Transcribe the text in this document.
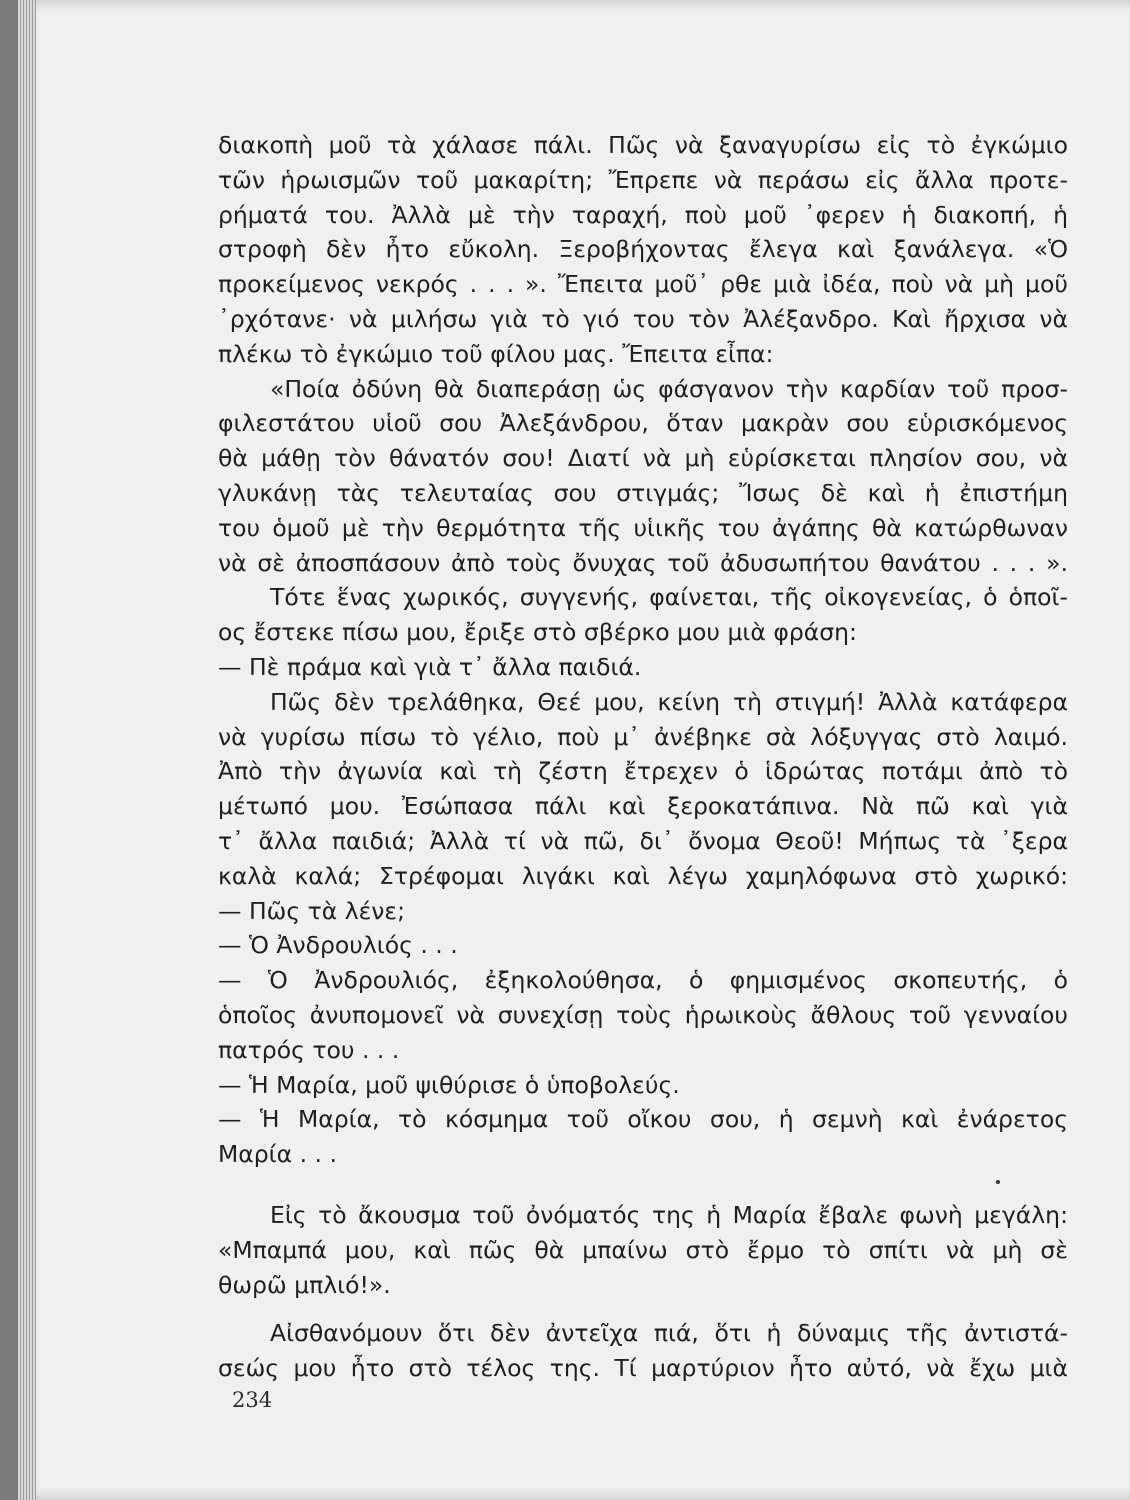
διακοπὴ μοῦ τὰ χάλασε πάλι. Πῶς νὰ ξαναγυρίσω εἰς τὸ ἐγκώμιο
τῶν ἡρωισμῶν τοῦ μακαρίτη; Ἔπρεπε νὰ περάσω εἰς ἄλλα προτε-
ρήματά του. Ἀλλὰ μὲ τὴν ταραχή, ποὺ μοῦ ᾽φερεν ἡ διακοπή, ἡ
στροφὴ δὲν ἦτο εὔκολη. Ξεροβήχοντας ἔλεγα καὶ ξανάλεγα. «Ὁ
προκείμενος νεκρός . . . ». Ἔπειτα μοῦ᾽ ρθε μιὰ ἰδέα, ποὺ νὰ μὴ μοῦ
᾽ρχότανε· νὰ μιλήσω γιὰ τὸ γιό του τὸν Ἀλέξανδρο. Καὶ ἤρχισα νὰ
πλέκω τὸ ἐγκώμιο τοῦ φίλου μας. Ἔπειτα εἶπα:
«Ποία ὀδύνη θὰ διαπεράσῃ ὡς φάσγανον τὴν καρδίαν τοῦ προσ-
φιλεστάτου υἱοῦ σου Ἀλεξάνδρου, ὅταν μακρὰν σου εὑρισκόμενος
θὰ μάθῃ τὸν θάνατόν σου! Διατί νὰ μὴ εὑρίσκεται πλησίον σου, νὰ
γλυκάνῃ τὰς τελευταίας σου στιγμάς; Ἴσως δὲ καὶ ἡ ἐπιστήμη
του ὁμοῦ μὲ τὴν θερμότητα τῆς υἱικῆς του ἀγάπης θὰ κατώρθωναν
νὰ σὲ ἀποσπάσουν ἀπὸ τοὺς ὄνυχας τοῦ ἀδυσωπήτου θανάτου . . . ».
Τότε ἕνας χωρικός, συγγενής, φαίνεται, τῆς οἰκογενείας, ὁ ὁποῖ-
ος ἔστεκε πίσω μου, ἔριξε στὸ σβέρκο μου μιὰ φράση:
— Πὲ πράμα καὶ γιὰ τ᾽ ἄλλα παιδιά.
Πῶς δὲν τρελάθηκα, Θεέ μου, κείνη τὴ στιγμή! Ἀλλὰ κατάφερα
νὰ γυρίσω πίσω τὸ γέλιο, ποὺ μ᾽ ἀνέβηκε σὰ λόξυγγας στὸ λαιμό.
Ἀπὸ τὴν ἀγωνία καὶ τὴ ζέστη ἔτρεχεν ὁ ἱδρώτας ποτάμι ἀπὸ τὸ
μέτωπό μου. Ἐσώπασα πάλι καὶ ξεροκατάπινα. Νὰ πῶ καὶ γιὰ
τ᾽ ἄλλα παιδιά; Ἀλλὰ τί νὰ πῶ, δι᾽ ὄνομα Θεοῦ! Μήπως τὰ ᾽ξερα
καλὰ καλά; Στρέφομαι λιγάκι καὶ λέγω χαμηλόφωνα στὸ χωρικό:
— Πῶς τὰ λένε;
— Ὁ Ἀνδρουλιός . . .
— Ὁ Ἀνδρουλιός, ἐξηκολούθησα, ὁ φημισμένος σκοπευτής, ὁ
ὁποῖος ἀνυπομονεῖ νὰ συνεχίσῃ τοὺς ἡρωικοὺς ἄθλους τοῦ γενναίου
πατρός του . . .
— Ἡ Μαρία, μοῦ ψιθύρισε ὁ ὑποβολεύς.
— Ἡ Μαρία, τὸ κόσμημα τοῦ οἴκου σου, ἡ σεμνὴ καὶ ἐνάρετος
Μαρία . . .
Εἰς τὸ ἄκουσμα τοῦ ὀνόματός της ἡ Μαρία ἔβαλε φωνὴ μεγάλη:
«Μπαμπά μου, καὶ πῶς θὰ μπαίνω στὸ ἔρμο τὸ σπίτι νὰ μὴ σὲ
θωρῶ μπλιό!».
Αἰσθανόμουν ὅτι δὲν ἀντεῖχα πιά, ὅτι ἡ δύναμις τῆς ἀντιστά-
σεώς μου ἦτο στὸ τέλος της. Τί μαρτύριον ἦτο αὐτό, νὰ ἔχω μιὰ
234
